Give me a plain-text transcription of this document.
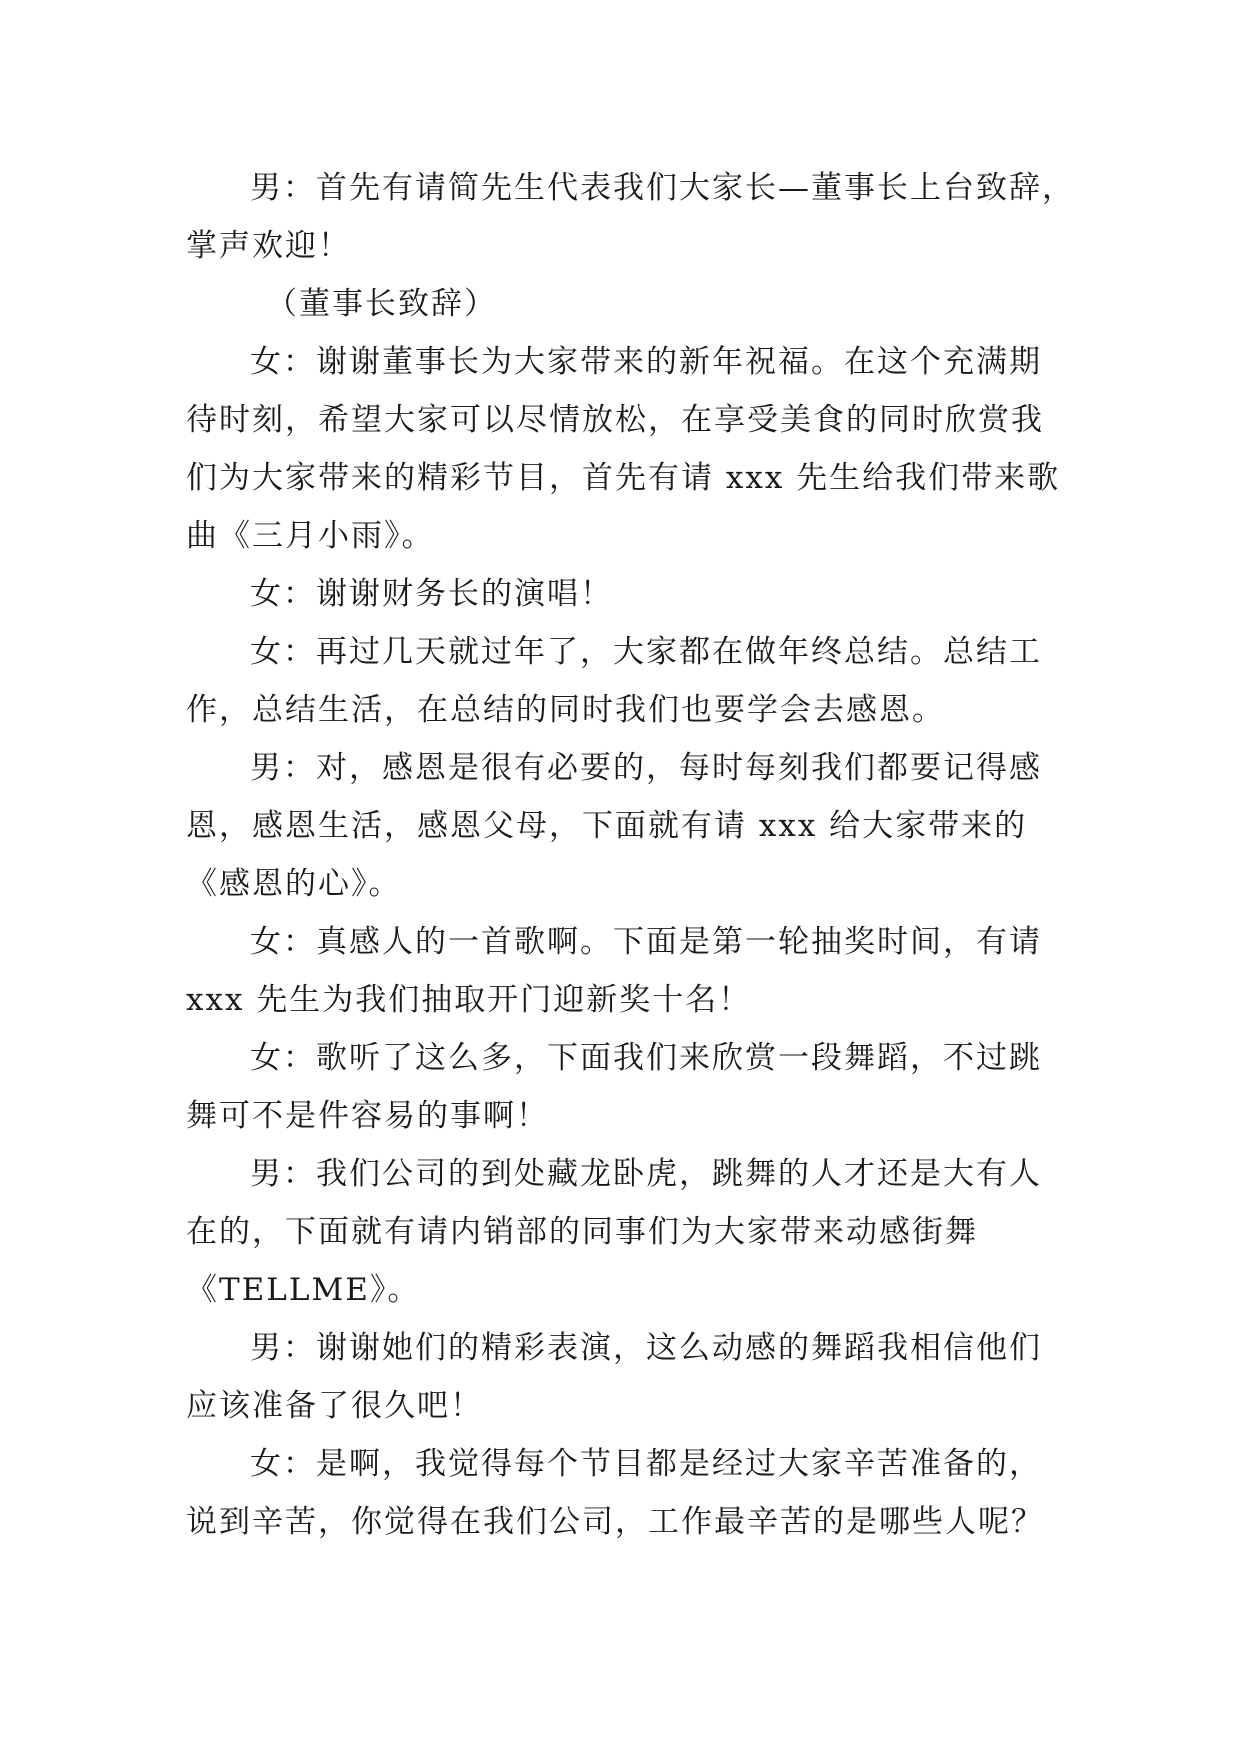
男：首先有请简先生代表我们大家长—董事长上台致辞，
掌声欢迎！

（董事长致辞）

女：谢谢董事长为大家带来的新年祝福。在这个充满期
待时刻，希望大家可以尽情放松，在享受美食的同时欣赏我
们为大家带来的精彩节目，首先有请 xxx 先生给我们带来歌
曲《三月小雨》。

女：谢谢财务长的演唱！

女：再过几天就过年了，大家都在做年终总结。总结工
作，总结生活，在总结的同时我们也要学会去感恩。

男：对，感恩是很有必要的，每时每刻我们都要记得感
恩，感恩生活，感恩父母，下面就有请 xxx 给大家带来的
《感恩的心》。

女：真感人的一首歌啊。下面是第一轮抽奖时间，有请
xxx 先生为我们抽取开门迎新奖十名！

女：歌听了这么多，下面我们来欣赏一段舞蹈，不过跳
舞可不是件容易的事啊！

男：我们公司的到处藏龙卧虎，跳舞的人才还是大有人
在的，下面就有请内销部的同事们为大家带来动感街舞
《TELLME》。

男：谢谢她们的精彩表演，这么动感的舞蹈我相信他们
应该准备了很久吧！

女：是啊，我觉得每个节目都是经过大家辛苦准备的，
说到辛苦，你觉得在我们公司，工作最辛苦的是哪些人呢？
